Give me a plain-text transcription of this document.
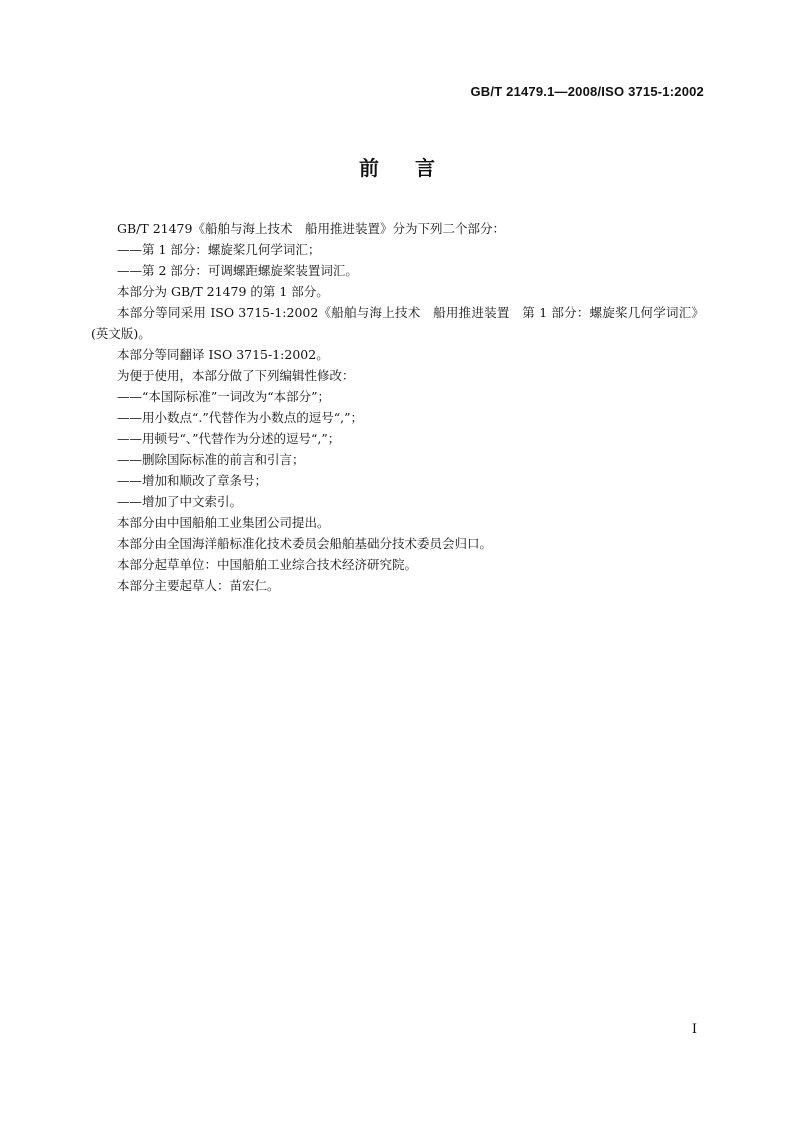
GB/T 21479.1—2008/ISO 3715-1:2002
前言

GB/T 21479《船舶与海上技术　船用推进装置》分为下列二个部分：

——第 1 部分：螺旋桨几何学词汇；

——第 2 部分：可调螺距螺旋桨装置词汇。

本部分为 GB/T 21479 的第 1 部分。

本部分等同采用 ISO 3715-1:2002《船舶与海上技术　船用推进装置　第 1 部分：螺旋桨几何学词汇》(英文版)。

本部分等同翻译 ISO 3715-1:2002。

为便于使用，本部分做了下列编辑性修改：

——“本国际标准”一词改为“本部分”；

——用小数点“.”代替作为小数点的逗号“,”；

——用顿号“、”代替作为分述的逗号“,”；

——删除国际标准的前言和引言；

——增加和顺改了章条号；

——增加了中文索引。

本部分由中国船舶工业集团公司提出。

本部分由全国海洋船标准化技术委员会船舶基础分技术委员会归口。

本部分起草单位：中国船舶工业综合技术经济研究院。

本部分主要起草人：苗宏仁。

I
